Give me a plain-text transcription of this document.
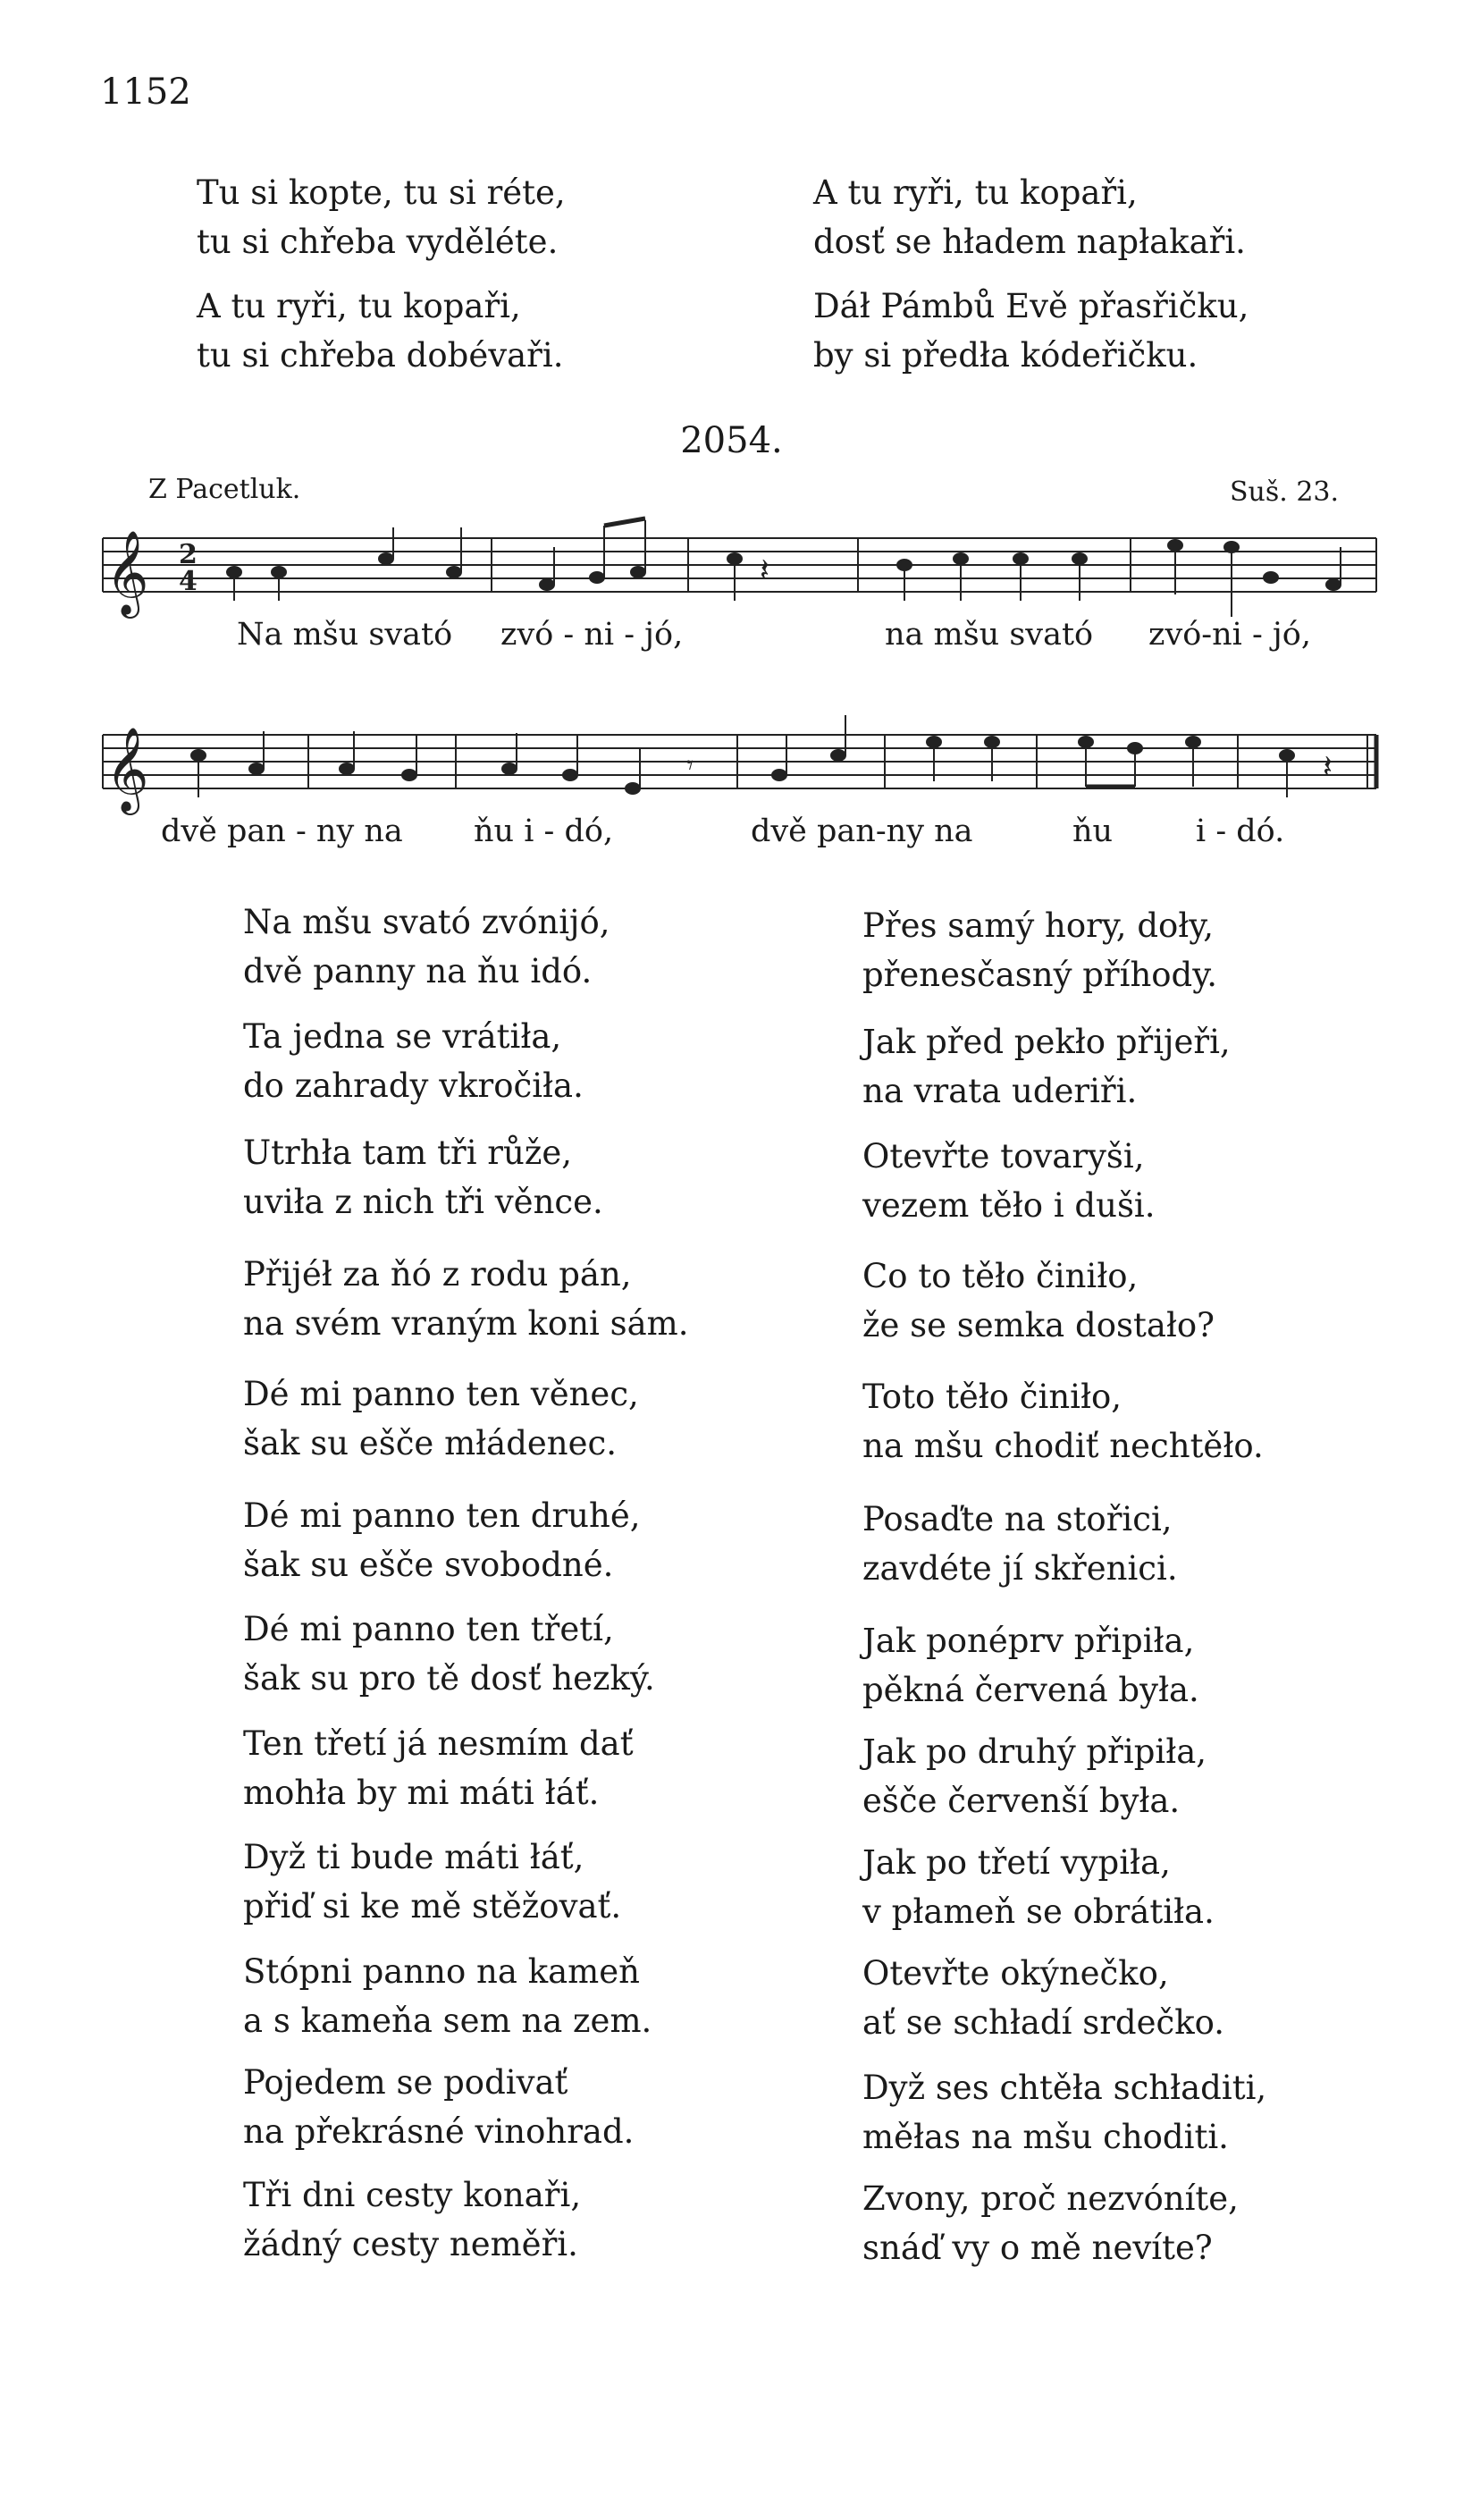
1152
Tu si kopte, tu si réte,
tu si chřeba vyděléte.
A tu ryři, tu kopaři,
tu si chřeba dobévaři.
A tu ryři, tu kopaři,
dosť se hładem napłakaři.
Dáł Pámbů Evě přasřičku,
by si předła kódeřičku.
2054.
Z Pacetluk.	Suš. 23.
𝄞 2
4	𝄽
Na mšu svató zvó - ni - jó,	na mšu svató zvó-ni - jó,
𝄞	𝄾	𝄽
dvě pan - ny na ňu i - dó,	dvě pan-ny na	ňu	i - dó.
Na mšu svató zvónijó,
dvě panny na ňu idó.
Ta jedna se vrátiła,
do zahrady vkročiła.
Utrhła tam tři růže,
uviła z nich tři věnce.
Přijéł za ňó z rodu pán,
na svém vraným koni sám.
Dé mi panno ten věnec,
šak su ešče młádenec.
Dé mi panno ten druhé,
šak su ešče svobodné.
Dé mi panno ten třetí,
šak su pro tě dosť hezký.
Ten třetí já nesmím dať
mohła by mi máti łáť.
Dyž ti bude máti łáť,
přiď si ke mě stěžovať.
Stópni panno na kameň
a s kameňa sem na zem.
Pojedem se podivať
na překrásné vinohrad.
Tři dni cesty konaři,
žádný cesty neměři.
Přes samý hory, doły,
přenesčasný příhody.
Jak před pekło přijeři,
na vrata uderiři.
Otevřte tovaryši,
vezem těło i duši.
Co to těło činiło,
že se semka dostało?
Toto těło činiło,
na mšu chodiť nechtěło.
Posaďte na stořici,
zavdéte jí skřenici.
Jak ponéprv připiła,
pěkná červená była.
Jak po druhý připiła,
ešče červenší była.
Jak po třetí vypiła,
v płameň se obrátiła.
Otevřte okýnečko,
ať se schładí srdečko.
Dyž ses chtěła schładiti,
měłas na mšu choditi.
Zvony, proč nezvóníte,
snáď vy o mě nevíte?
